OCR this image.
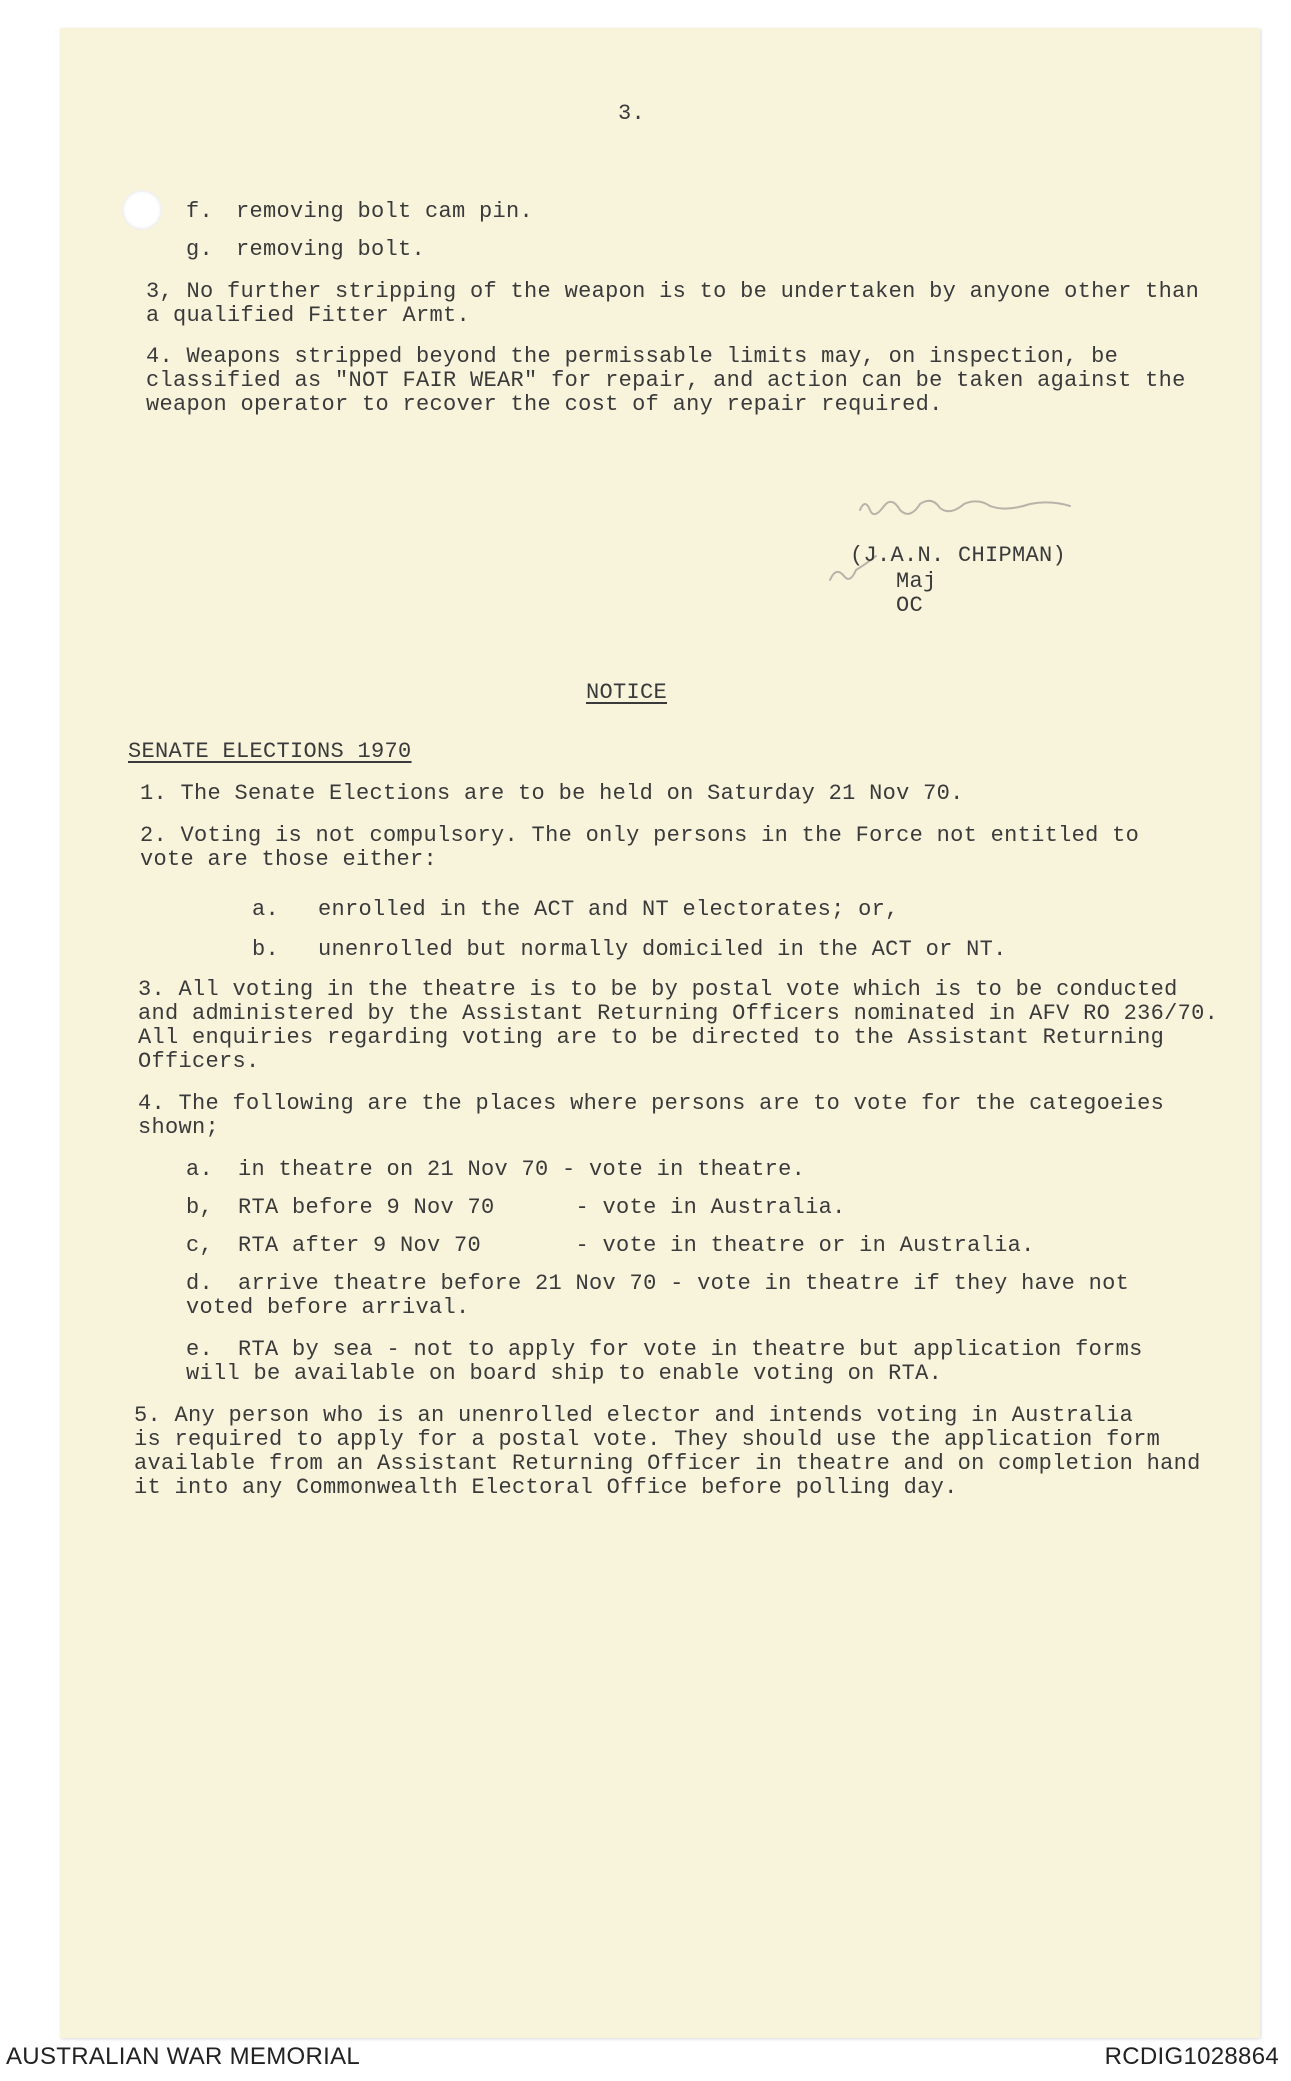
3.
f. removing bolt cam pin.
g. removing bolt.
3, No further stripping of the weapon is to be undertaken by anyone other than
a qualified Fitter Armt.
4. Weapons stripped beyond the permissable limits may, on inspection, be
classified as "NOT FAIR WEAR" for repair, and action can be taken against the
weapon operator to recover the cost of any repair required.
(J.A.N. CHIPMAN)
Maj
OC
NOTICE
SENATE ELECTIONS 1970
1. The Senate Elections are to be held on Saturday 21 Nov 70.
2. Voting is not compulsory. The only persons in the Force not entitled to
vote are those either:
a. enrolled in the ACT and NT electorates; or,
b. unenrolled but normally domiciled in the ACT or NT.
3. All voting in the theatre is to be by postal vote which is to be conducted
and administered by the Assistant Returning Officers nominated in AFV RO 236/70.
All enquiries regarding voting are to be directed to the Assistant Returning
Officers.
4. The following are the places where persons are to vote for the categoeies
shown;
a. in theatre on 21 Nov 70 - vote in theatre.
b, RTA before 9 Nov 70      - vote in Australia.
c, RTA after 9 Nov 70       - vote in theatre or in Australia.
d. arrive theatre before 21 Nov 70 - vote in theatre if they have not
voted before arrival.
e. RTA by sea - not to apply for vote in theatre but application forms
will be available on board ship to enable voting on RTA.
5. Any person who is an unenrolled elector and intends voting in Australia
is required to apply for a postal vote. They should use the application form
available from an Assistant Returning Officer in theatre and on completion hand
it into any Commonwealth Electoral Office before polling day.
AUSTRALIAN WAR MEMORIAL	RCDIG1028864
